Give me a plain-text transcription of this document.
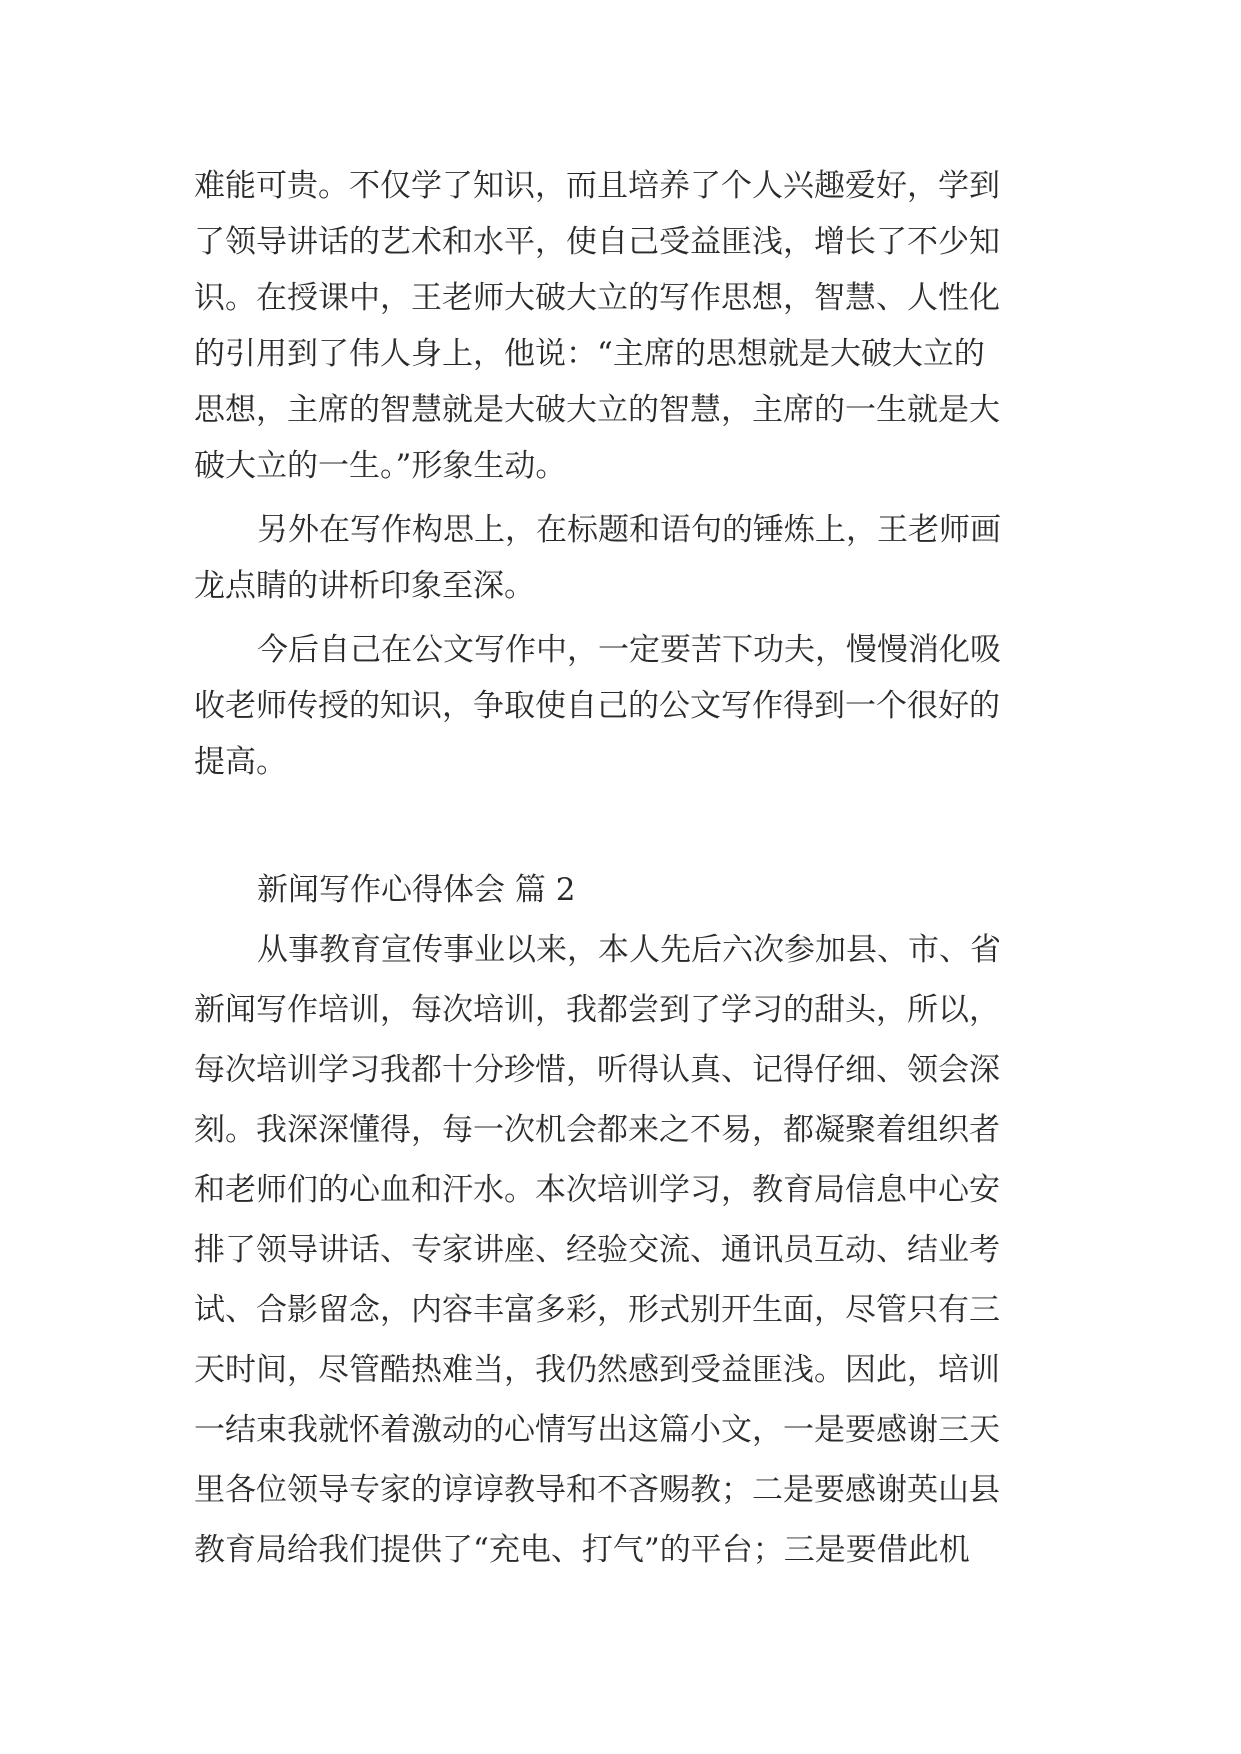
难能可贵。不仅学了知识，而且培养了个人兴趣爱好，学到
了领导讲话的艺术和水平，使自己受益匪浅，增长了不少知
识。在授课中，王老师大破大立的写作思想，智慧、人性化
的引用到了伟人身上，他说：“主席的思想就是大破大立的
思想，主席的智慧就是大破大立的智慧，主席的一生就是大
破大立的一生。”形象生动。
另外在写作构思上，在标题和语句的锤炼上，王老师画
龙点睛的讲析印象至深。
今后自己在公文写作中，一定要苦下功夫，慢慢消化吸
收老师传授的知识，争取使自己的公文写作得到一个很好的
提高。
新闻写作心得体会 篇 2
从事教育宣传事业以来，本人先后六次参加县、市、省
新闻写作培训，每次培训，我都尝到了学习的甜头，所以，
每次培训学习我都十分珍惜，听得认真、记得仔细、领会深
刻。我深深懂得，每一次机会都来之不易，都凝聚着组织者
和老师们的心血和汗水。本次培训学习，教育局信息中心安
排了领导讲话、专家讲座、经验交流、通讯员互动、结业考
试、合影留念，内容丰富多彩，形式别开生面，尽管只有三
天时间，尽管酷热难当，我仍然感到受益匪浅。因此，培训
一结束我就怀着激动的心情写出这篇小文，一是要感谢三天
里各位领导专家的谆谆教导和不吝赐教；二是要感谢英山县
教育局给我们提供了“充电、打气”的平台；三是要借此机
